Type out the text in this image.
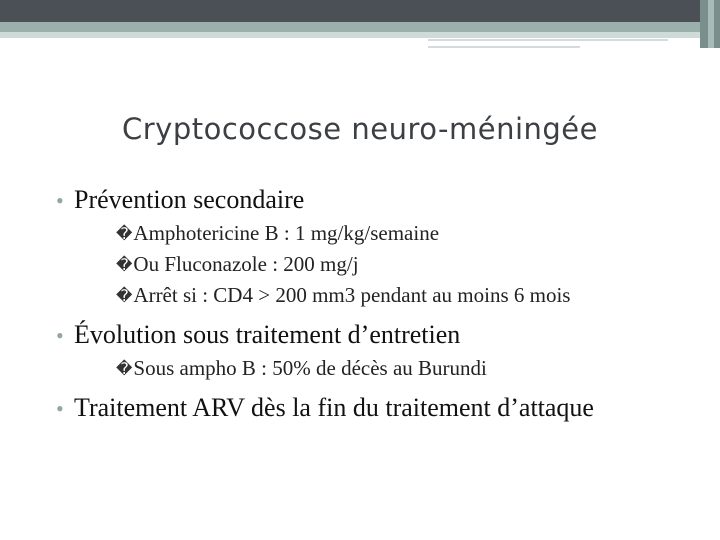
Cryptococcose neuro-méningée
• Prévention secondaire
�Amphotericine B : 1 mg/kg/semaine
�Ou Fluconazole : 200 mg/j
�Arrêt si : CD4 > 200 mm3 pendant au moins 6 mois
• Évolution sous traitement d’entretien
�Sous ampho B : 50% de décès au Burundi
• Traitement ARV dès la fin du traitement d’attaque
